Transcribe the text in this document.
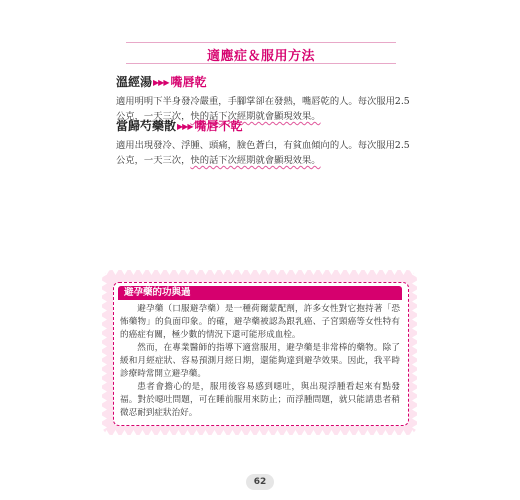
適應症＆服用方法
溫經湯▶▶▶ 嘴唇乾
適用明明下半身發冷嚴重，手腳掌卻在發熱，嘴唇乾的人。每次服用2.5公克，一天三次，快的話下次經期就會顯現效果。
當歸芍藥散▶▶▶ 嘴唇不乾
適用出現發冷、浮腫、頭痛，臉色蒼白，有貧血傾向的人。每次服用2.5公克，一天三次，快的話下次經期就會顯現效果。
避孕藥的功與過

避孕藥（口服避孕藥）是一種荷爾蒙配劑，許多女性對它抱持著「恐怖藥物」的負面印象。的確，避孕藥被認為跟乳癌、子宮頸癌等女性特有的癌症有關，極少數的情況下還可能形成血栓。

然而，在專業醫師的指導下適當服用，避孕藥是非常棒的藥物。除了緩和月經症狀、容易預測月經日期，還能夠達到避孕效果。因此，我平時診療時常開立避孕藥。

患者會擔心的是，服用後容易感到噁吐，與出現浮腫看起來有點發福。對於噁吐問題，可在睡前服用來防止；而浮腫問題，就只能請患者稍微忍耐到症狀治好。

62
